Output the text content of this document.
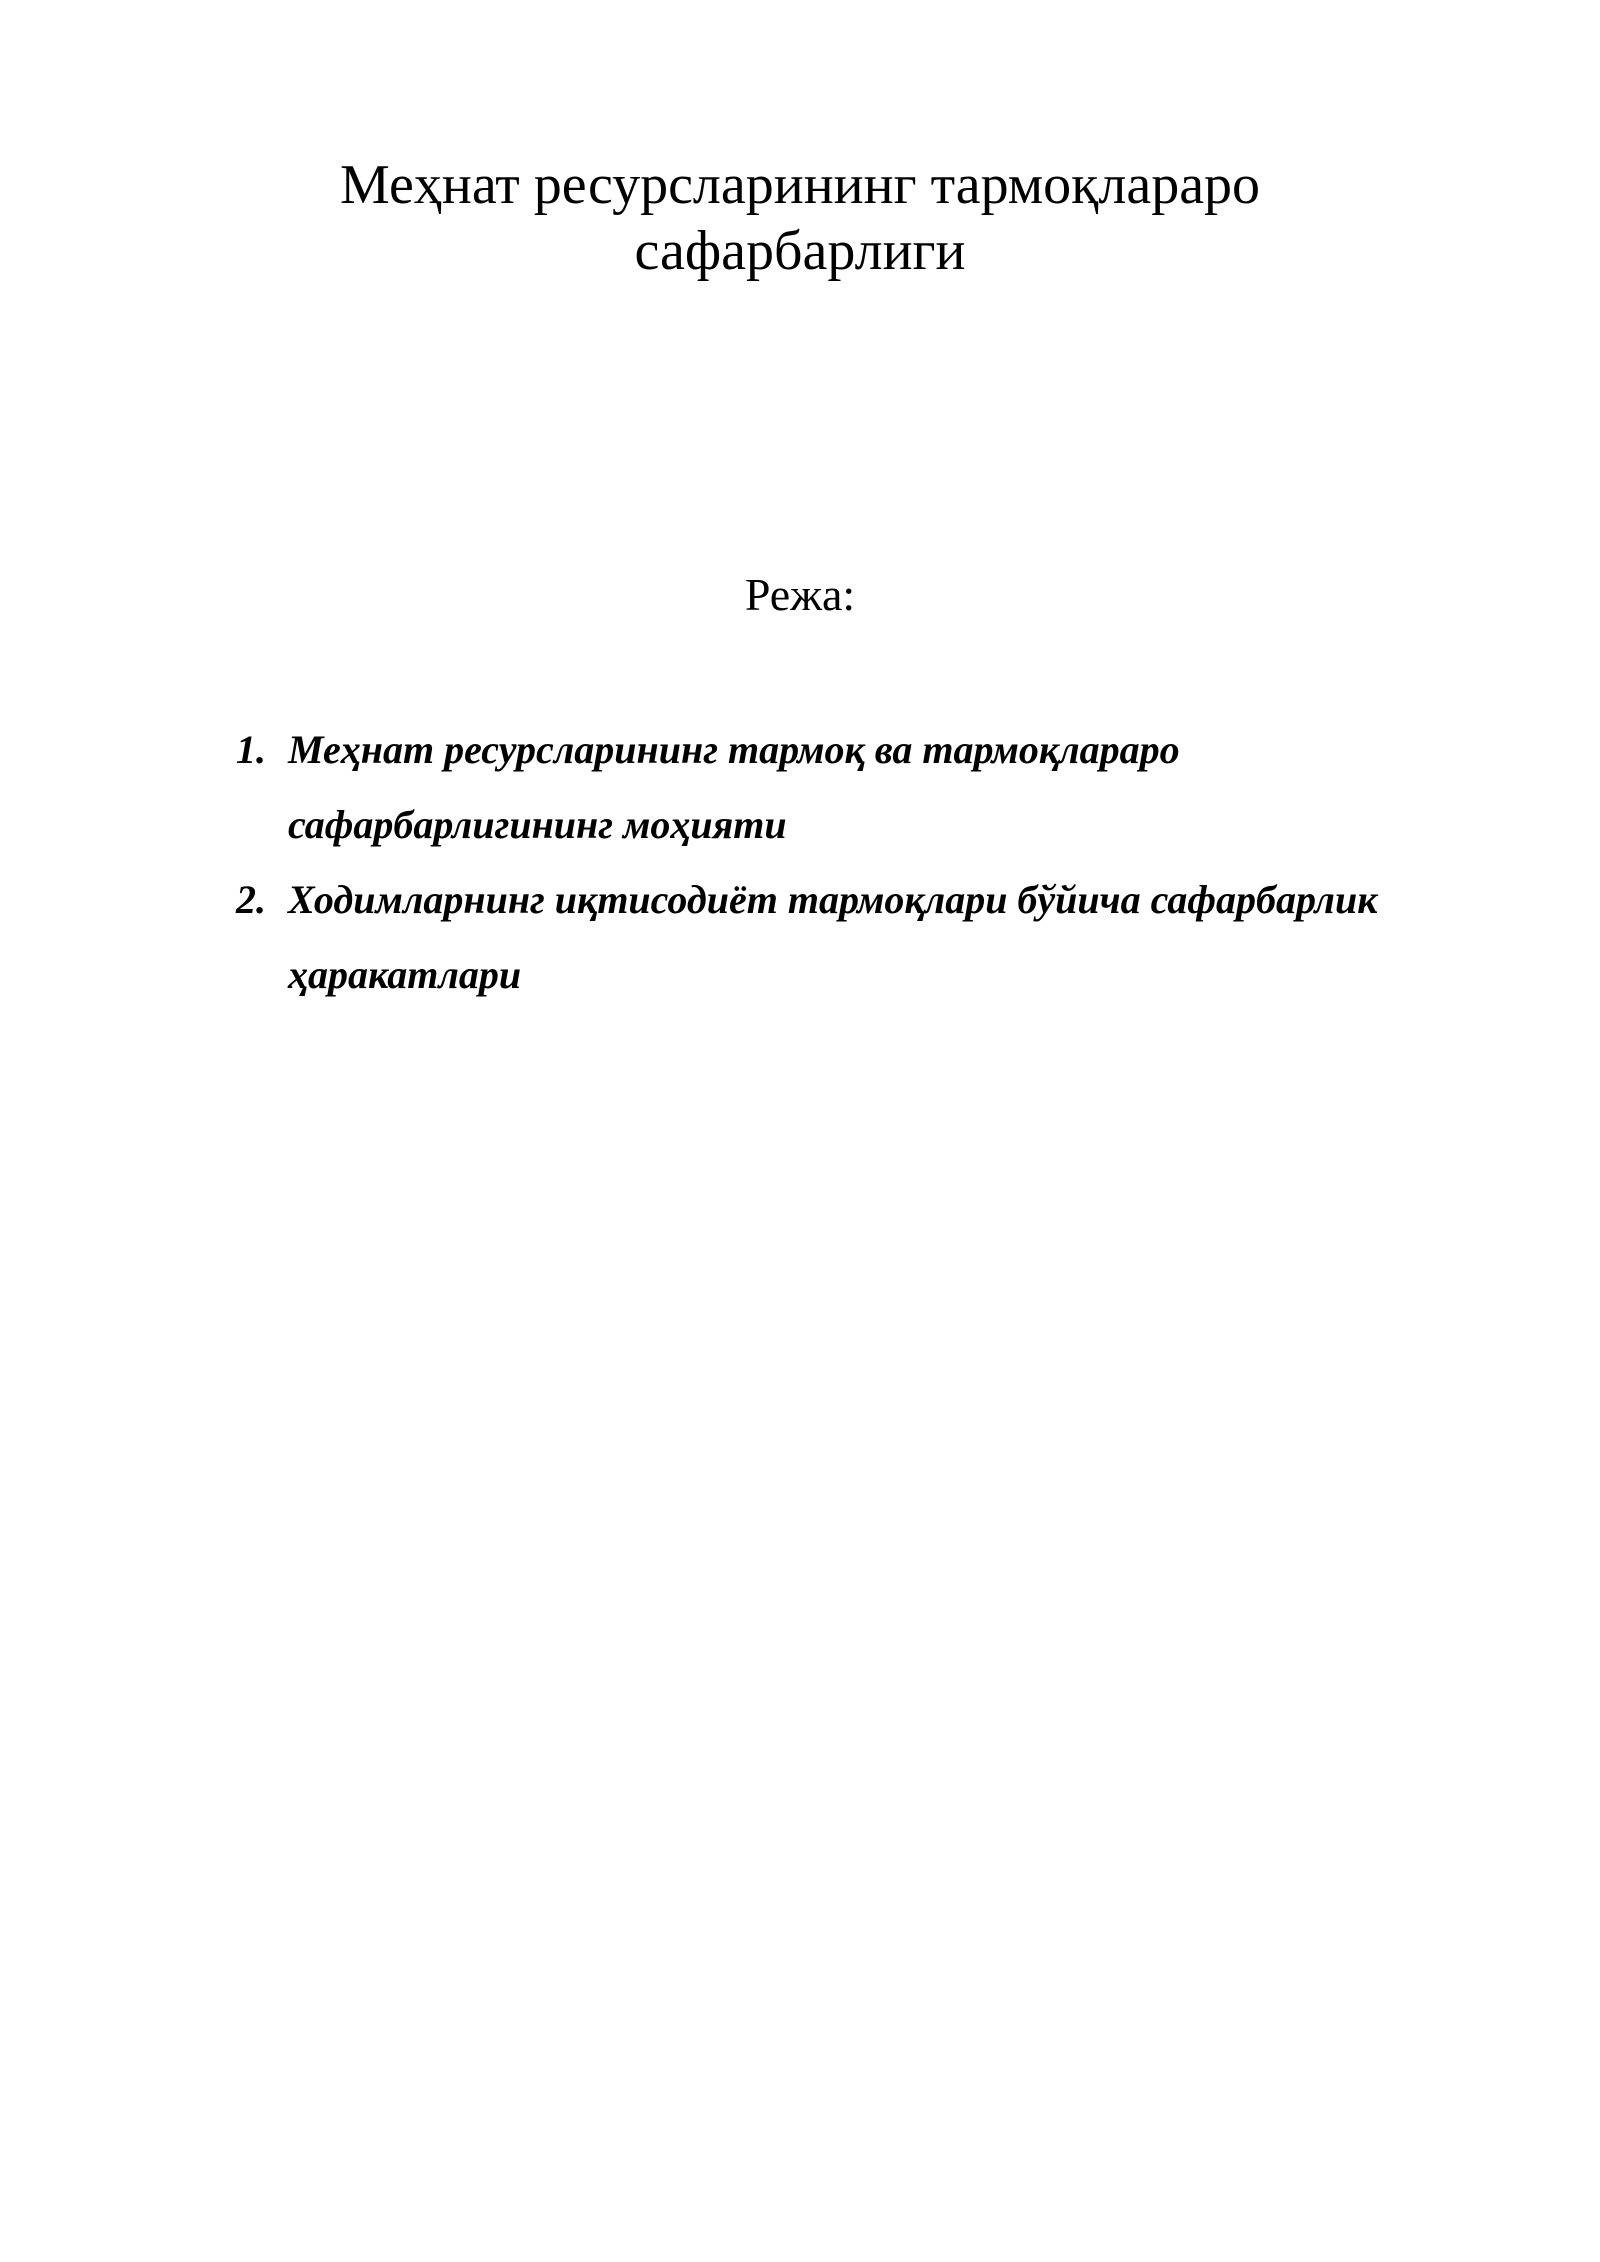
Меҳнат ресурсларининг тармоқлараро
сафарбарлиги
Режа:
1. Меҳнат ресурсларининг тармоқ ва тармоқлараро
сафарбарлигининг моҳияти
2. Ходимларнинг иқтисодиёт тармоқлари бўйича сафарбарлик
ҳаракатлари
